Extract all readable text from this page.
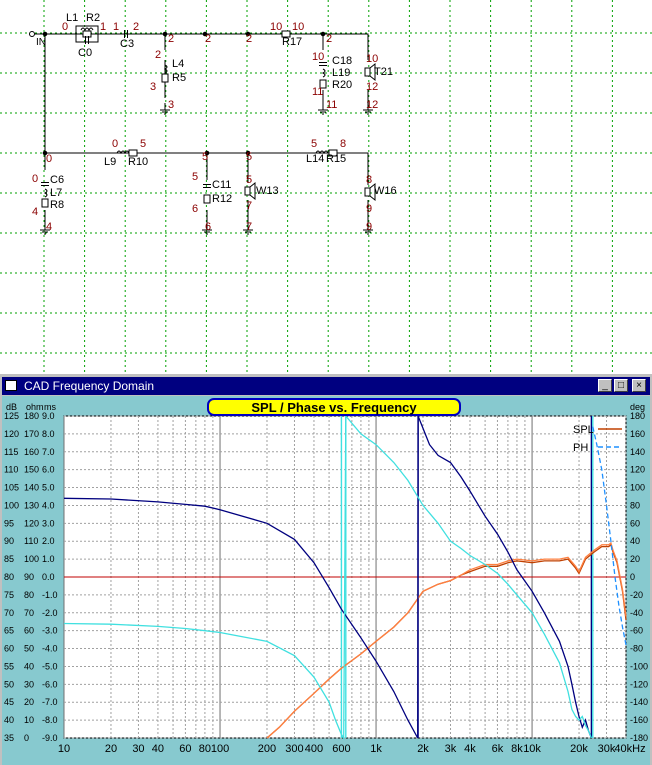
IN
L1 R2
C0
C3
L4
R5
R17
C18
L19
R20
T21
L9 R10	L14 R15
C6
L7
R8
C11
R12
W13	W16
0	1 1 2
2	2	2
2
10 10
2
3
3
10
11
11
10
12
12
0
0
5
5	5
5 8
0
4
4
5
6
6
5
7
7
8
9
9
CAD Frequency Domain	_	□	×
SPL
PH
dB ohm ms	deg
125 180 9.0	180
120 170 8.0	160
115 160 7.0	140
110 150 6.0	120
105 140 5.0	100
100 130 4.0	80
95 120 3.0	60
90 110 2.0	40
85 100 1.0	20
80 90 0.0	0
75 80 -1.0	-20
70 70 -2.0	-40
65 60 -3.0	-60
60 50 -4.0	-80
55 40 -5.0	-100
50 30 -6.0	-120
45 20 -7.0	-140
40 10 -8.0	-160
35 0 -9.0	-180
10	20 30 40 60 80 100	200 300 400 600 1k	2k 3k 4k 6k 8k 10k	20k 30k 40kHz
SPL / Phase vs. Frequency
